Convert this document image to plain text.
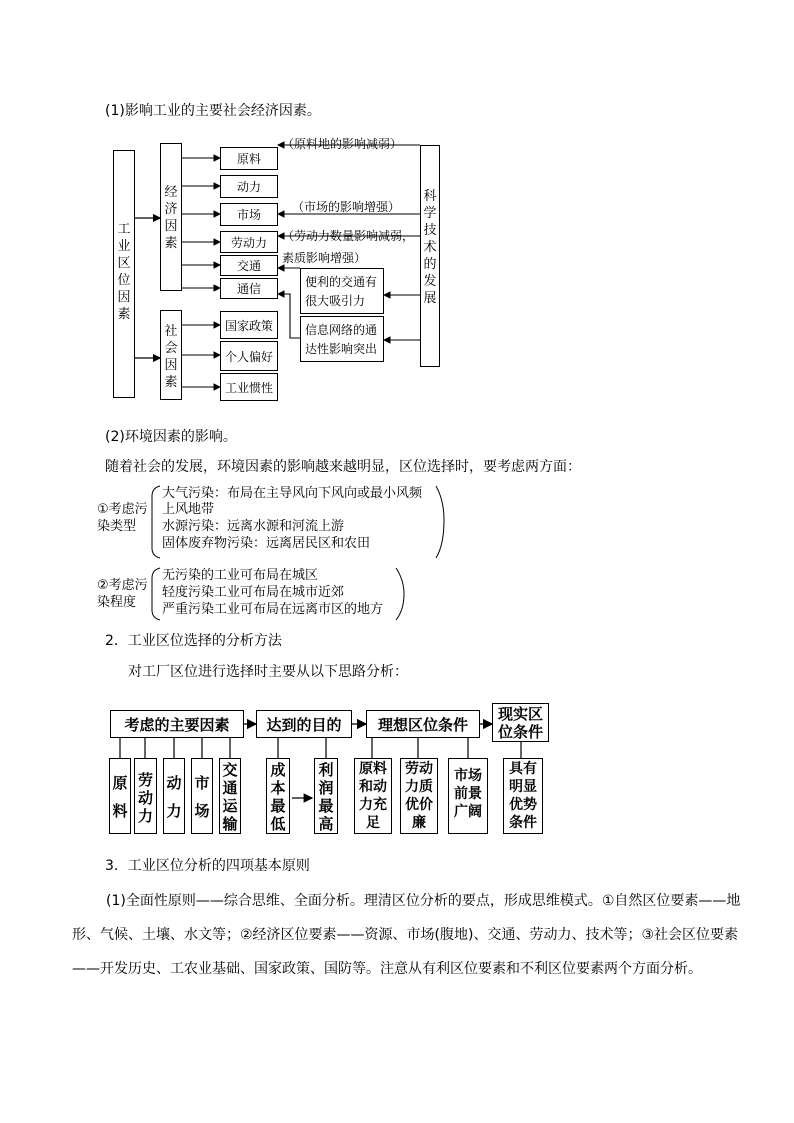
(1)影响工业的主要社会经济因素。
工业区位因素
经济因素
社会因素
原料
动力
市场
劳动力
交通
通信
国家政策
个人偏好
工业惯性
科学技术的发展
（原料地的影响减弱）
（市场的影响增强）
（劳动力数量影响减弱，
素质影响增强）
便利的交通有
很大吸引力
信息网络的通
达性影响突出
(2)环境因素的影响。
随着社会的发展，环境因素的影响越来越明显，区位选择时，要考虑两方面：
①考虑污
染类型
大气污染：布局在主导风向下风向或最小风频
上风地带
水源污染：远离水源和河流上游
固体废弃物污染：远离居民区和农田
②考虑污
染程度
无污染的工业可布局在城区
轻度污染工业可布局在城市近郊
严重污染工业可布局在远离市区的地方
2．工业区位选择的分析方法
对工厂区位进行选择时主要从以下思路分析：
考虑的主要因素	达到的目的	理想区位条件
现实区位条件
原料
劳动力
动力
市场
交通运输
成本最低
利润最高
原料和动力充足
劳动力质优价廉
市场前景广阔
具有明显优势条件
3．工业区位分析的四项基本原则
(1)全面性原则——综合思维、全面分析。理清区位分析的要点，形成思维模式。①自然区位要素——地形、气候、土壤、水文等；②经济区位要素——资源、市场(腹地)、交通、劳动力、技术等；③社会区位要素——开发历史、工农业基础、国家政策、国防等。注意从有利区位要素和不利区位要素两个方面分析。
